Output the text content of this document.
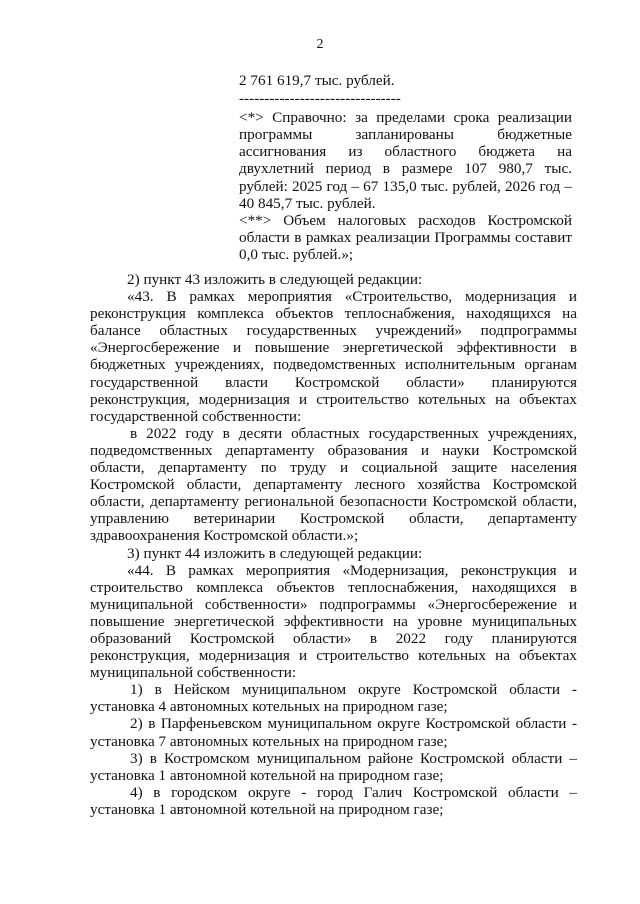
2

2 761 619,7 тыс. рублей.

--------------------------------

<*> Справочно: за пределами срока реализации программы запланированы бюджетные ассигнования из областного бюджета на двухлетний период в размере 107 980,7 тыс. рублей: 2025 год – 67 135,0 тыс. рублей, 2026 год – 40 845,7 тыс. рублей.

<**> Объем налоговых расходов Костромской области в рамках реализации Программы составит 0,0 тыс. рублей.»;

2) пункт 43 изложить в следующей редакции:

«43. В рамках мероприятия «Строительство, модернизация и реконструкция комплекса объектов теплоснабжения, находящихся на балансе областных государственных учреждений» подпрограммы «Энергосбережение и повышение энергетической эффективности в бюджетных учреждениях, подведомственных исполнительным органам государственной власти Костромской области» планируются реконструкция, модернизация и строительство котельных на объектах государственной собственности:

в 2022 году в десяти областных государственных учреждениях, подведомственных департаменту образования и науки Костромской области, департаменту по труду и социальной защите населения Костромской области, департаменту лесного хозяйства Костромской области, департаменту региональной безопасности Костромской области, управлению ветеринарии Костромской области, департаменту здравоохранения Костромской области.»;

3) пункт 44 изложить в следующей редакции:

«44. В рамках мероприятия «Модернизация, реконструкция и строительство комплекса объектов теплоснабжения, находящихся в муниципальной собственности» подпрограммы «Энергосбережение и повышение энергетической эффективности на уровне муниципальных образований Костромской области» в 2022 году планируются реконструкция, модернизация и строительство котельных на объектах муниципальной собственности:

1) в Нейском муниципальном округе Костромской области - установка 4 автономных котельных на природном газе;

2) в Парфеньевском муниципальном округе Костромской области - установка 7 автономных котельных на природном газе;

3) в Костромском муниципальном районе Костромской области – установка 1 автономной котельной на природном газе;

4) в городском округе - город Галич Костромской области – установка 1 автономной котельной на природном газе;
